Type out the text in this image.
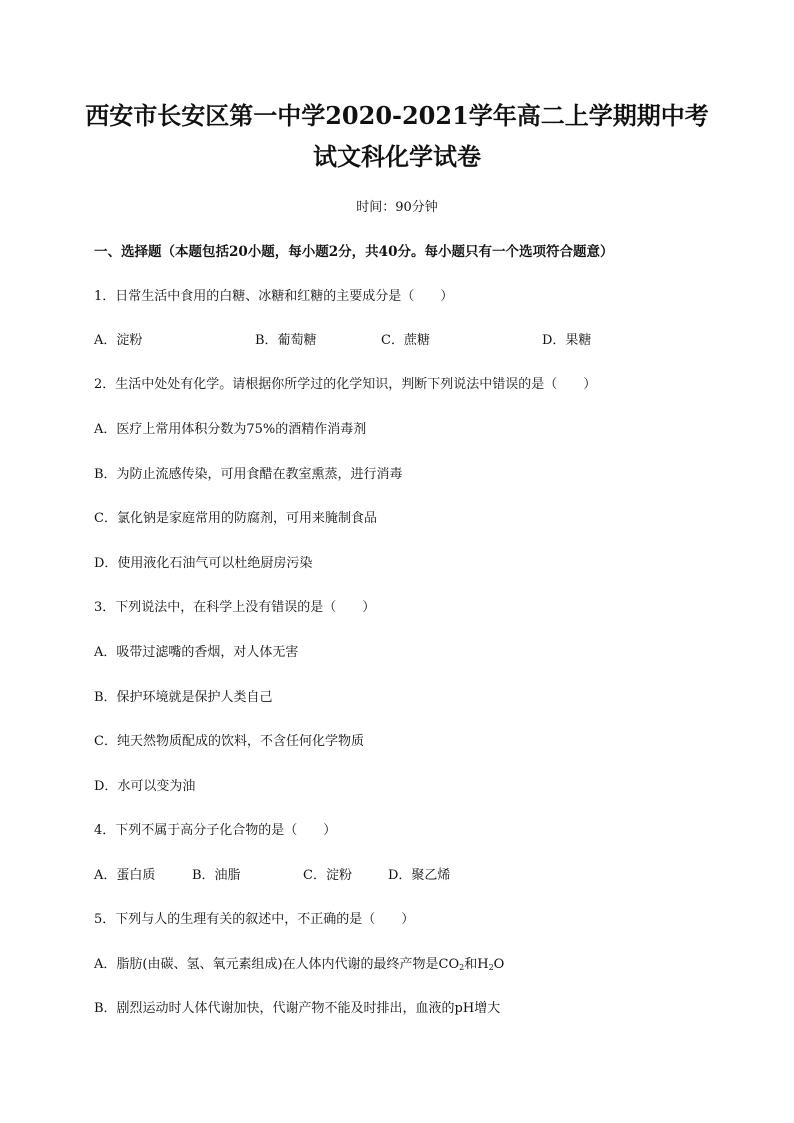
西安市长安区第一中学2020-2021学年高二上学期期中考
试文科化学试卷
时间：90分钟
一、选择题（本题包括20小题，每小题2分，共40分。每小题只有一个选项符合题意）
1．日常生活中食用的白糖、冰糖和红糖的主要成分是（　　）
A．淀粉	B．葡萄糖	C．蔗糖	D．果糖
2．生活中处处有化学。请根据你所学过的化学知识，判断下列说法中错误的是（　　）
A．医疗上常用体积分数为75%的酒精作消毒剂
B．为防止流感传染，可用食醋在教室熏蒸，进行消毒
C．氯化钠是家庭常用的防腐剂，可用来腌制食品
D．使用液化石油气可以杜绝厨房污染
3．下列说法中，在科学上没有错误的是（　　）
A．吸带过滤嘴的香烟，对人体无害
B．保护环境就是保护人类自己
C．纯天然物质配成的饮料，不含任何化学物质
D．水可以变为油
4．下列不属于高分子化合物的是（　　）
A．蛋白质	B．油脂	C．淀粉	D．聚乙烯
5．下列与人的生理有关的叙述中，不正确的是（　　）
A．脂肪(由碳、氢、氧元素组成)在人体内代谢的最终产物是$CO_2$和$H_2O$
B．剧烈运动时人体代谢加快，代谢产物不能及时排出，血液的pH增大
